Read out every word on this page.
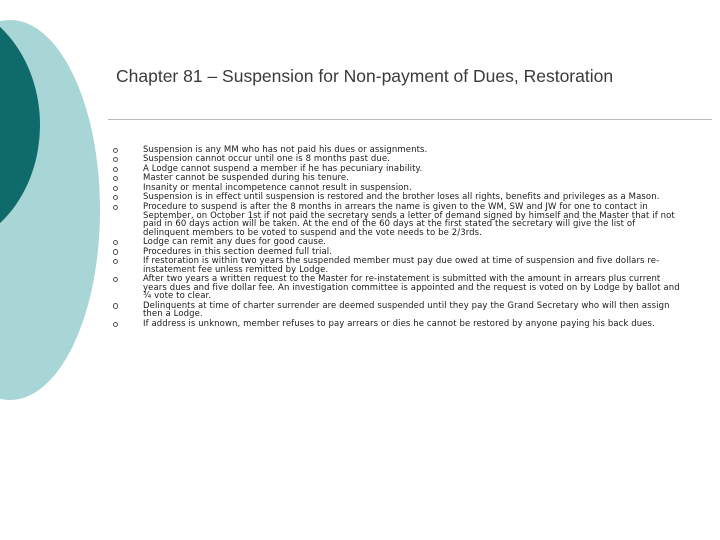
Chapter 81 – Suspension for Non-payment of Dues, Restoration
Suspension is any MM who has not paid his dues or assignments.
Suspension cannot occur until one is 8 months past due.
A Lodge cannot suspend a member if he has pecuniary inability.
Master cannot be suspended during his tenure.
Insanity or mental incompetence cannot result in suspension.
Suspension is in effect until suspension is restored and the brother loses all rights, benefits and privileges as a Mason.
Procedure to suspend is after the 8 months in arrears the name is given to the WM, SW and JW for one to contact in September, on October 1st if not paid the secretary sends a letter of demand signed by himself and the Master that if not paid in 60 days action will be taken. At the end of the 60 days at the first stated the secretary will give the list of delinquent members to be voted to suspend and the vote needs to be 2/3rds.
Lodge can remit any dues for good cause.
Procedures in this section deemed full trial.
If restoration is within two years the suspended member must pay due owed at time of suspension and five dollars re-instatement fee unless remitted by Lodge.
After two years a written request to the Master for re-instatement is submitted with the amount in arrears plus current years dues and five dollar fee. An investigation committee is appointed and the request is voted on by Lodge by ballot and ¾ vote to clear.
Delinquents at time of charter surrender are deemed suspended until they pay the Grand Secretary who will then assign then a Lodge.
If address is unknown, member refuses to pay arrears or dies he cannot be restored by anyone paying his back dues.
